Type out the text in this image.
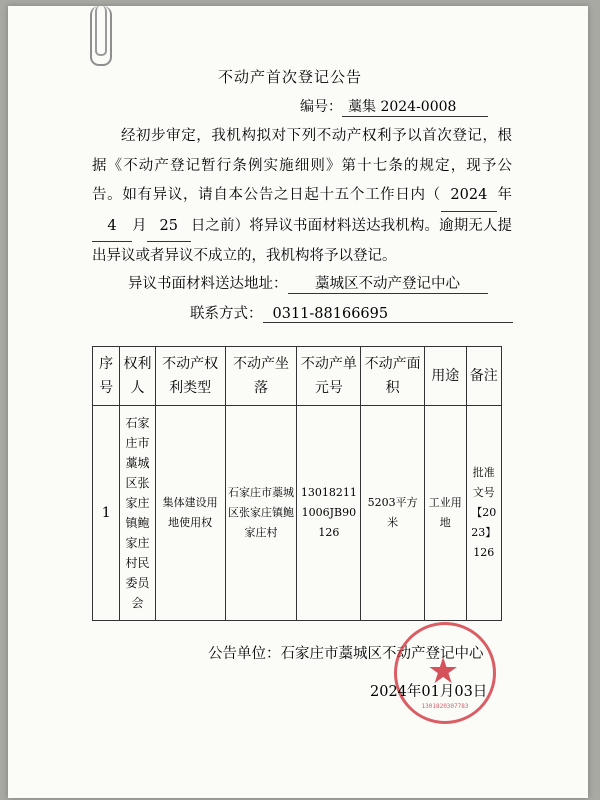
不动产首次登记公告
编号： 藁集 2024-0008
经初步审定，我机构拟对下列不动产权利予以首次登记，根据《不动产登记暂行条例实施细则》第十七条的规定，现予公告。如有异议，请自本公告之日起十五个工作日内（ 2024 年4 月 25 日之前）将异议书面材料送达我机构。逾期无人提出异议或者异议不成立的，我机构将予以登记。
异议书面材料送达地址： 藁城区不动产登记中心
联系方式： 0311-88166695
序号	权利人	不动产权利类型	不动产坐落	不动产单元号	不动产面积	用途	备注
1	石家庄市藁城区张家庄镇鲍家庄村民委员会	集体建设用地使用权	石家庄市藁城区张家庄镇鲍家庄村	130182111006JB90126	5203平方米	工业用地	批准文号【2023】126
公告单位：石家庄市藁城区不动产登记中心
★
1301820307783
2024年01月03日
